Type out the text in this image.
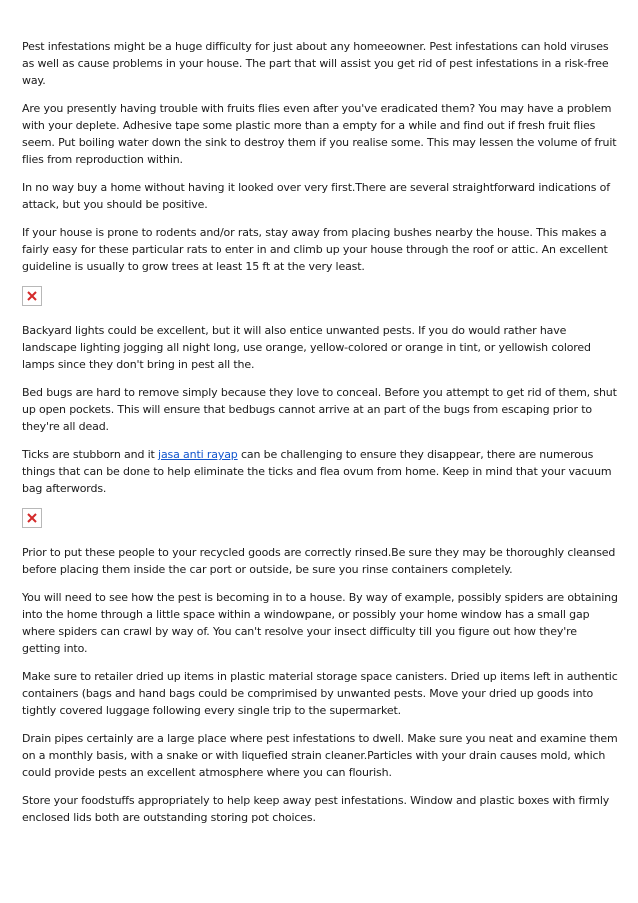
Pest infestations might be a huge difficulty for just about any homeeowner. Pest infestations can hold viruses as well as cause problems in your house. The part that will assist you get rid of pest infestations in a risk-free way.

Are you presently having trouble with fruits flies even after you've eradicated them? You may have a problem with your deplete. Adhesive tape some plastic more than a empty for a while and find out if fresh fruit flies seem. Put boiling water down the sink to destroy them if you realise some. This may lessen the volume of fruit flies from reproduction within.

In no way buy a home without having it looked over very first.There are several straightforward indications of attack, but you should be positive.

If your house is prone to rodents and/or rats, stay away from placing bushes nearby the house. This makes a fairly easy for these particular rats to enter in and climb up your house through the roof or attic. An excellent guideline is usually to grow trees at least 15 ft at the very least.

Backyard lights could be excellent, but it will also entice unwanted pests. If you do would rather have landscape lighting jogging all night long, use orange, yellow-colored or orange in tint, or yellowish colored lamps since they don't bring in pest all the.

Bed bugs are hard to remove simply because they love to conceal. Before you attempt to get rid of them, shut up open pockets. This will ensure that bedbugs cannot arrive at an part of the bugs from escaping prior to they're all dead.

Ticks are stubborn and it jasa anti rayap can be challenging to ensure they disappear, there are numerous things that can be done to help eliminate the ticks and flea ovum from home. Keep in mind that your vacuum bag afterwords.

Prior to put these people to your recycled goods are correctly rinsed.Be sure they may be thoroughly cleansed before placing them inside the car port or outside, be sure you rinse containers completely.

You will need to see how the pest is becoming in to a house. By way of example, possibly spiders are obtaining into the home through a little space within a windowpane, or possibly your home window has a small gap where spiders can crawl by way of. You can't resolve your insect difficulty till you figure out how they're getting into.

Make sure to retailer dried up items in plastic material storage space canisters. Dried up items left in authentic containers (bags and hand bags could be comprimised by unwanted pests. Move your dried up goods into tightly covered luggage following every single trip to the supermarket.

Drain pipes certainly are a large place where pest infestations to dwell. Make sure you neat and examine them on a monthly basis, with a snake or with liquefied strain cleaner.Particles with your drain causes mold, which could provide pests an excellent atmosphere where you can flourish.

Store your foodstuffs appropriately to help keep away pest infestations. Window and plastic boxes with firmly enclosed lids both are outstanding storing pot choices.
